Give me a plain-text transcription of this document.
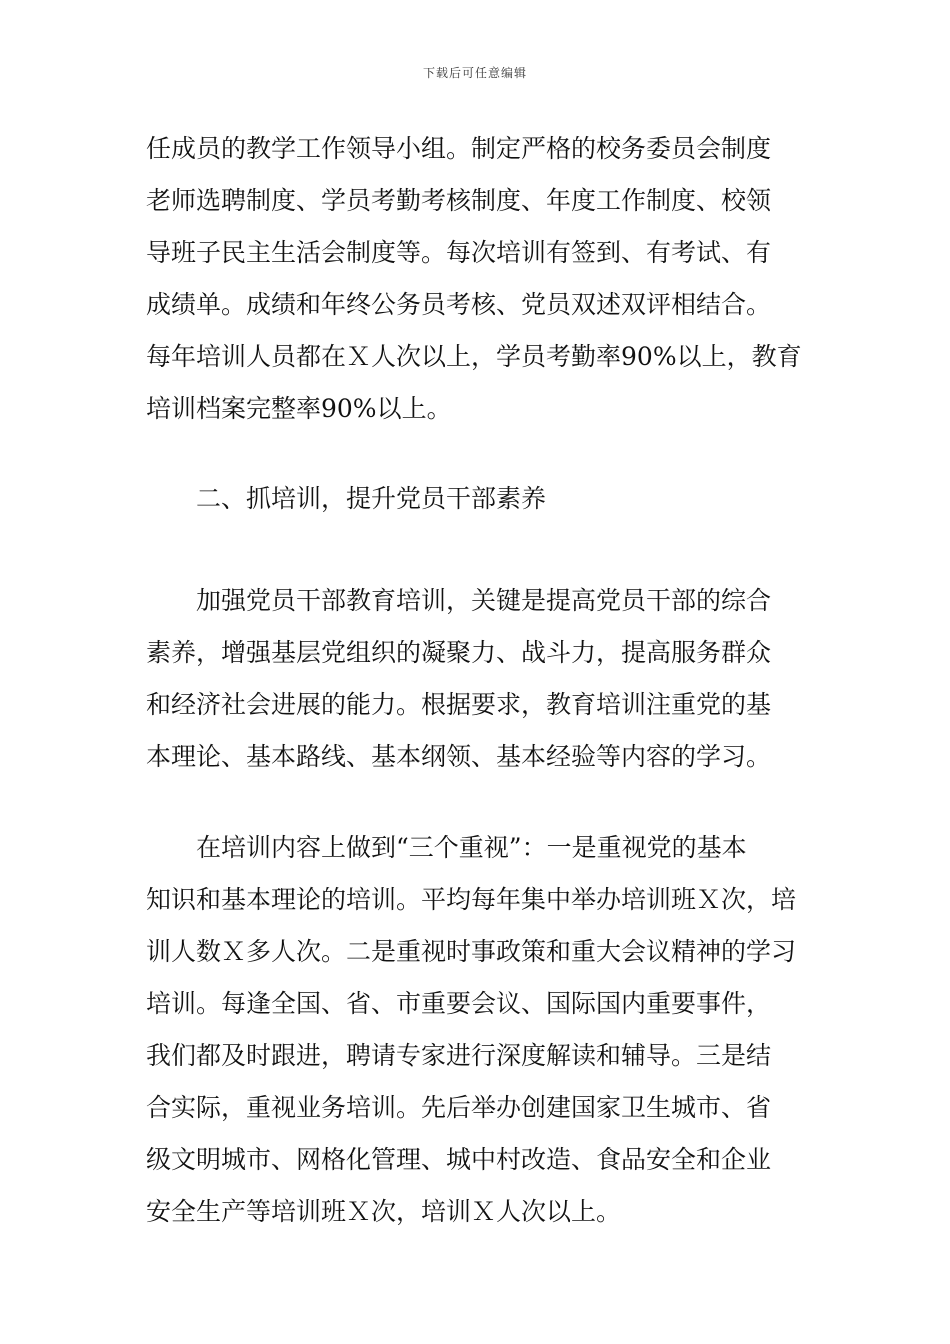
下载后可任意编辑
任成员的教学工作领导小组。制定严格的校务委员会制度
老师选聘制度、学员考勤考核制度、年度工作制度、校领
导班子民主生活会制度等。每次培训有签到、有考试、有
成绩单。成绩和年终公务员考核、党员双述双评相结合。
每年培训人员都在Ｘ人次以上，学员考勤率90%以上，教育
培训档案完整率90%以上。
二、抓培训，提升党员干部素养
加强党员干部教育培训，关键是提高党员干部的综合
素养，增强基层党组织的凝聚力、战斗力，提高服务群众
和经济社会进展的能力。根据要求，教育培训注重党的基
本理论、基本路线、基本纲领、基本经验等内容的学习。
在培训内容上做到“三个重视”：一是重视党的基本
知识和基本理论的培训。平均每年集中举办培训班Ｘ次，培
训人数Ｘ多人次。二是重视时事政策和重大会议精神的学习
培训。每逢全国、省、市重要会议、国际国内重要事件，
我们都及时跟进，聘请专家进行深度解读和辅导。三是结
合实际，重视业务培训。先后举办创建国家卫生城市、省
级文明城市、网格化管理、城中村改造、食品安全和企业
安全生产等培训班Ｘ次，培训Ｘ人次以上。
